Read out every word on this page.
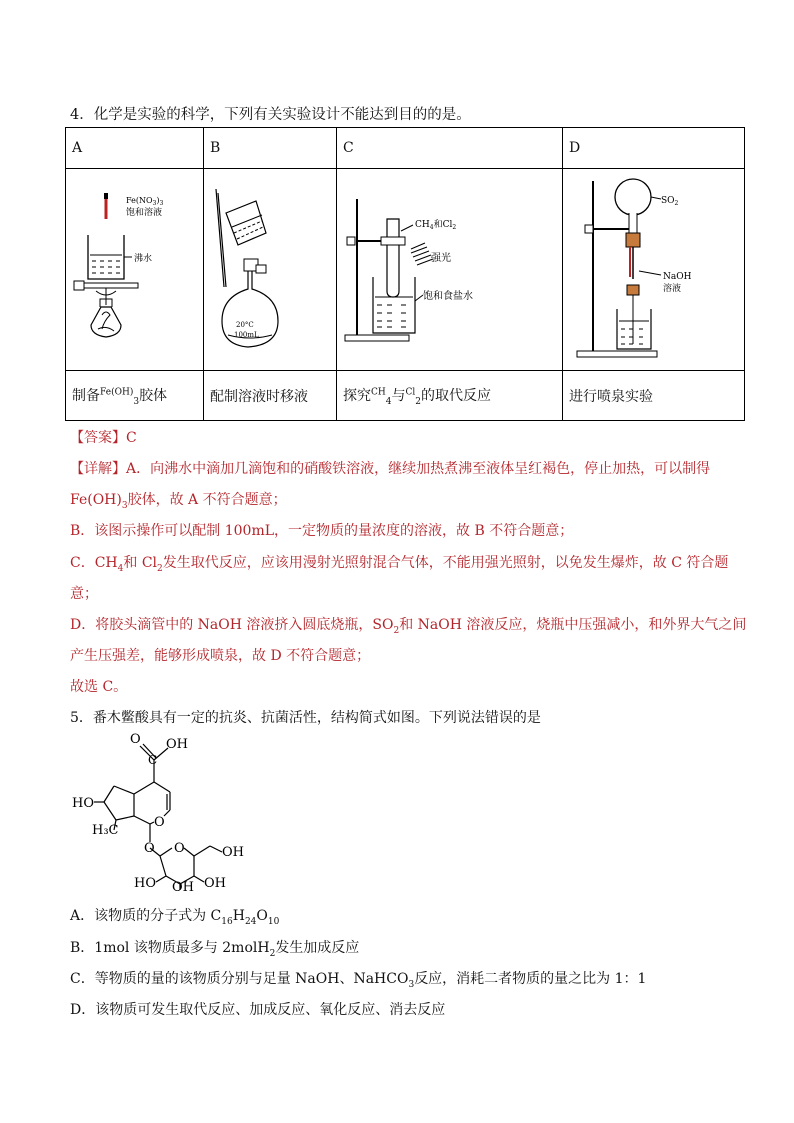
4．化学是实验的科学，下列有关实验设计不能达到目的的是。
A	B	C	D

$Fe(NO_3)_3$
饱和溶液
沸水	20°C
100mL	$CH_4$和$Cl_2$
强光
饱和食盐水	$SO_2$
NaOH
溶液

制备$^{Fe(OH)}_3$胶体	配制溶液时移液	探究$^{CH}_4$与$^{Cl}_2$的取代反应	进行喷泉实验
【答案】C
【详解】A．向沸水中滴加几滴饱和的硝酸铁溶液，继续加热煮沸至液体呈红褐色，停止加热，可以制得
$Fe(OH)_3$胶体，故 A 不符合题意；
B．该图示操作可以配制 100mL，一定物质的量浓度的溶液，故 B 不符合题意；
C．$CH_4$和 $Cl_2$发生取代反应，应该用漫射光照射混合气体，不能用强光照射，以免发生爆炸，故 C 符合题
意；
D．将胶头滴管中的 NaOH 溶液挤入圆底烧瓶，$SO_2$和 NaOH 溶液反应，烧瓶中压强减小，和外界大气之间
产生压强差，能够形成喷泉，故 D 不符合题意；
故选 C。
5．番木鳖酸具有一定的抗炎、抗菌活性，结构简式如图。下列说法错误的是
O
C
OH
O
HO
H₃C
O O	OH
HO	OH
OH
A．该物质的分子式为 $C_{16}H_{24}O_{10}$
B．1mol 该物质最多与 2molH$_2$发生加成反应
C．等物质的量的该物质分别与足量 NaOH、NaHCO$_3$反应，消耗二者物质的量之比为 1：1
D．该物质可发生取代反应、加成反应、氧化反应、消去反应
